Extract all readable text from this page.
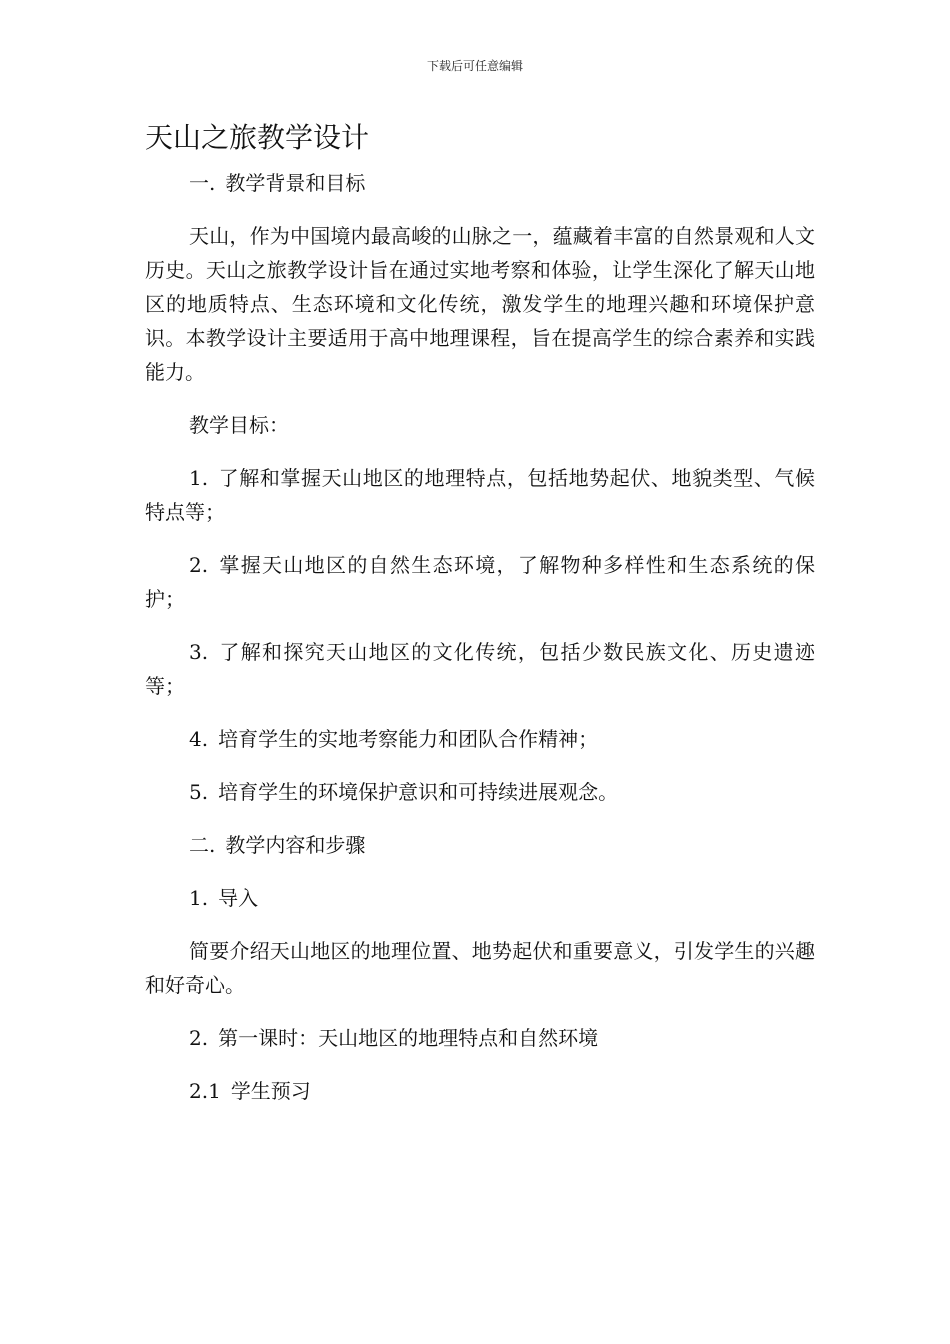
下载后可任意编辑
天山之旅教学设计
一. 教学背景和目标

天山，作为中国境内最高峻的山脉之一，蕴藏着丰富的自然景观和人文历史。天山之旅教学设计旨在通过实地考察和体验，让学生深化了解天山地区的地质特点、生态环境和文化传统，激发学生的地理兴趣和环境保护意识。本教学设计主要适用于高中地理课程，旨在提高学生的综合素养和实践能力。

教学目标：

1. 了解和掌握天山地区的地理特点，包括地势起伏、地貌类型、气候特点等；

2. 掌握天山地区的自然生态环境，了解物种多样性和生态系统的保护；

3. 了解和探究天山地区的文化传统，包括少数民族文化、历史遗迹等；

4. 培育学生的实地考察能力和团队合作精神；

5. 培育学生的环境保护意识和可持续进展观念。

二. 教学内容和步骤
1. 导入

简要介绍天山地区的地理位置、地势起伏和重要意义，引发学生的兴趣和好奇心。

2. 第一课时：天山地区的地理特点和自然环境
2.1 学生预习
